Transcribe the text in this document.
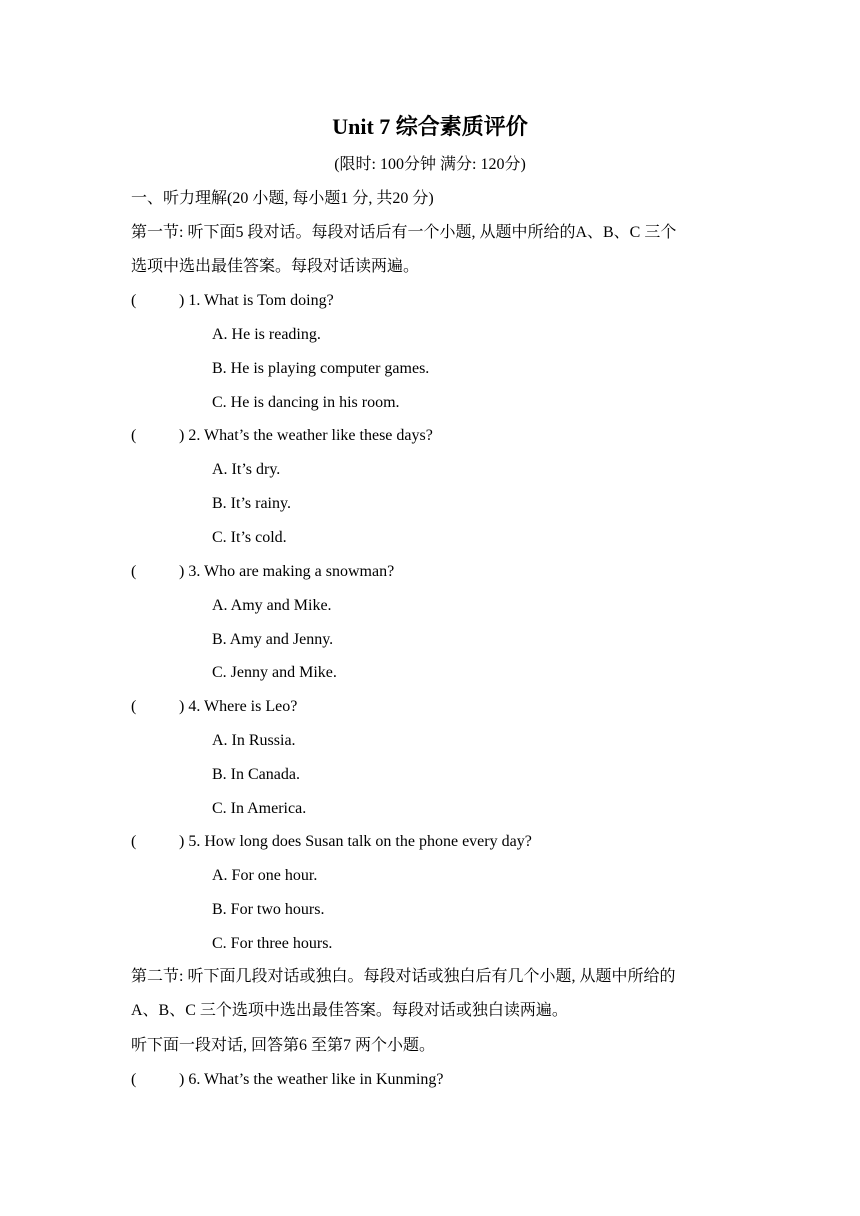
Unit 7 综合素质评价
(限时: 100分钟 满分: 120分)
一、听力理解(20 小题, 每小题1 分, 共20 分)
第一节: 听下面5 段对话。每段对话后有一个小题, 从题中所给的A、B、C 三个
选项中选出最佳答案。每段对话读两遍。
(	) 1. What is Tom doing?
A. He is reading.
B. He is playing computer games.
C. He is dancing in his room.
(	) 2. What’s the weather like these days?
A. It’s dry.
B. It’s rainy.
C. It’s cold.
(	) 3. Who are making a snowman?
A. Amy and Mike.
B. Amy and Jenny.
C. Jenny and Mike.
(	) 4. Where is Leo?
A. In Russia.
B. In Canada.
C. In America.
(	) 5. How long does Susan talk on the phone every day?
A. For one hour.
B. For two hours.
C. For three hours.
第二节: 听下面几段对话或独白。每段对话或独白后有几个小题, 从题中所给的
A、B、C 三个选项中选出最佳答案。每段对话或独白读两遍。
听下面一段对话, 回答第6 至第7 两个小题。
(	) 6. What’s the weather like in Kunming?
